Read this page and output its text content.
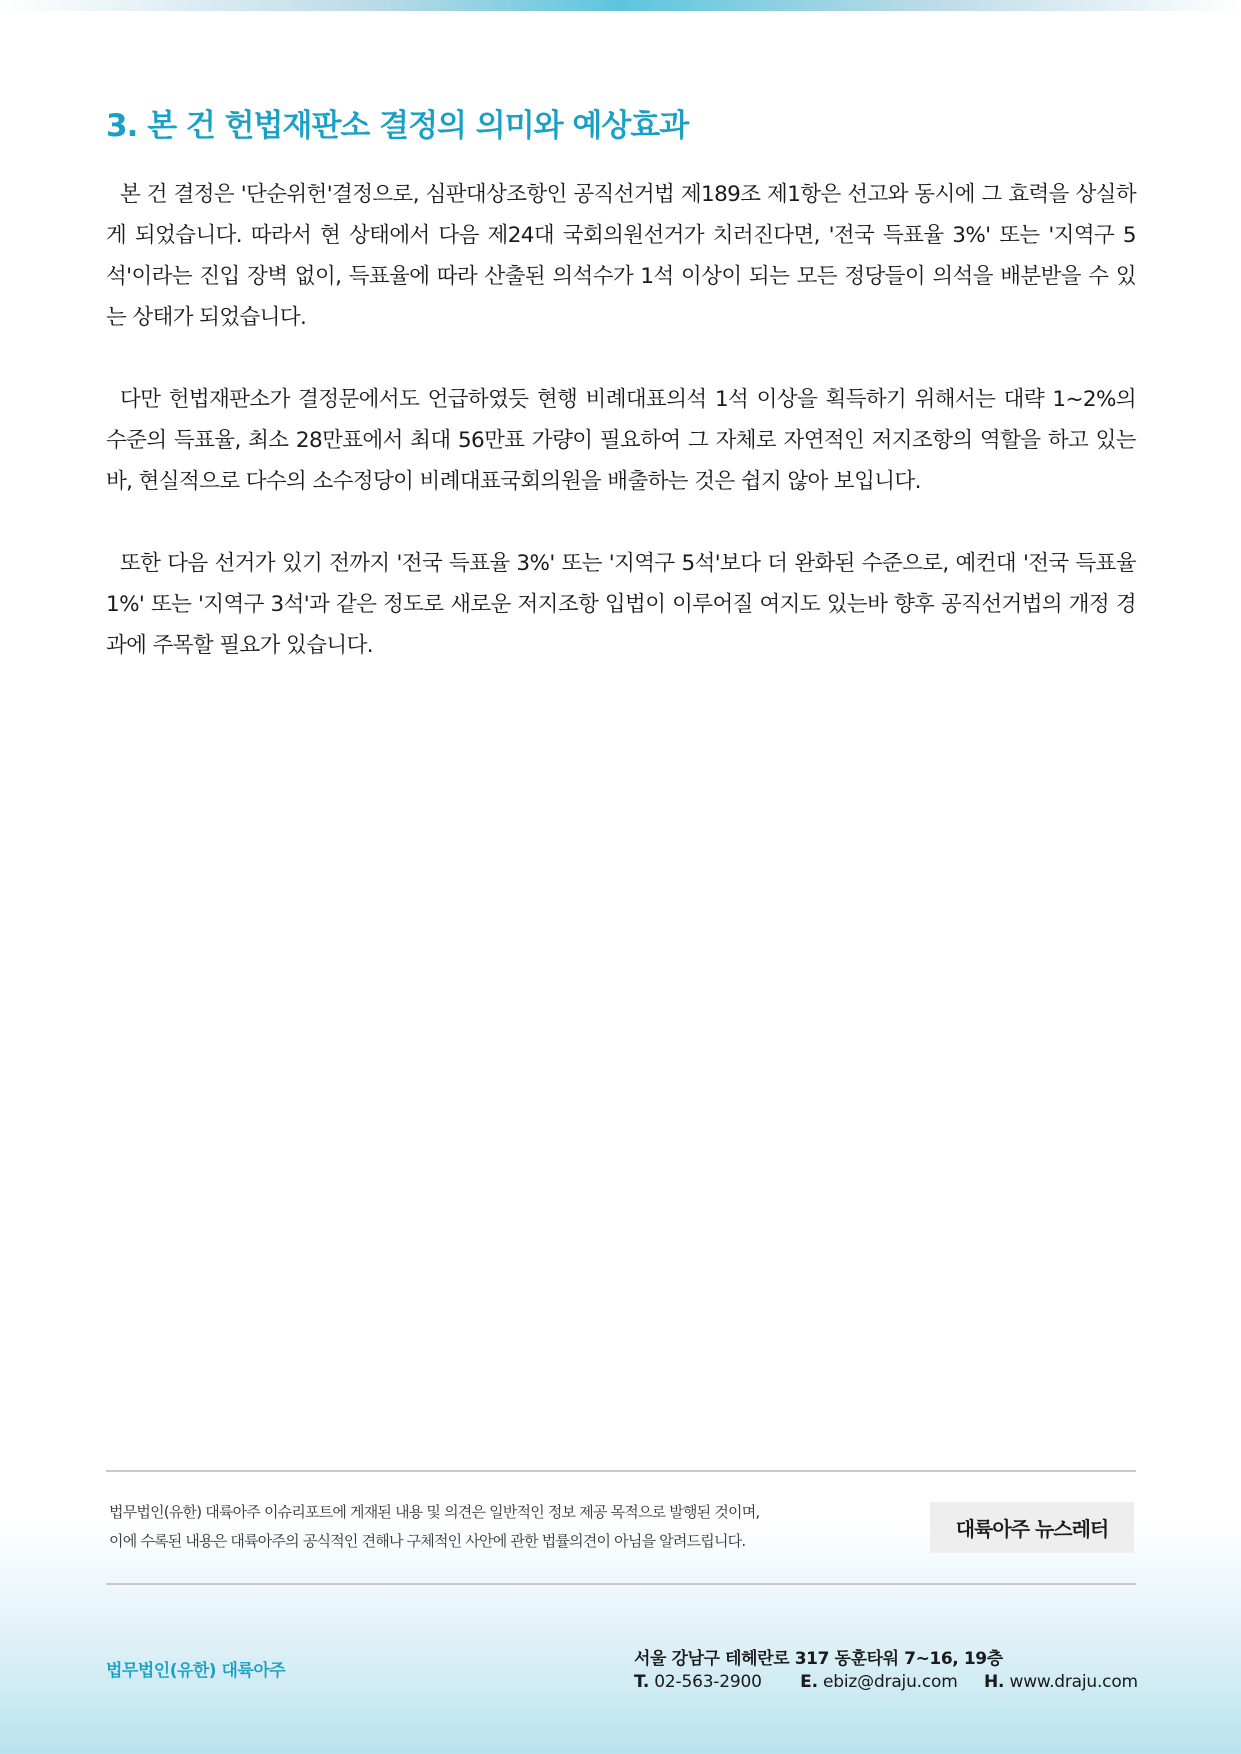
3. 본 건 헌법재판소 결정의 의미와 예상효과

본 건 결정은 '단순위헌'결정으로, 심판대상조항인 공직선거법 제189조 제1항은 선고와 동시에 그 효력을 상실하게 되었습니다. 따라서 현 상태에서 다음 제24대 국회의원선거가 치러진다면, '전국 득표율 3%' 또는 '지역구 5석'이라는 진입 장벽 없이, 득표율에 따라 산출된 의석수가 1석 이상이 되는 모든 정당들이 의석을 배분받을 수 있는 상태가 되었습니다.

다만 헌법재판소가 결정문에서도 언급하였듯 현행 비례대표의석 1석 이상을 획득하기 위해서는 대략 1~2%의 수준의 득표율, 최소 28만표에서 최대 56만표 가량이 필요하여 그 자체로 자연적인 저지조항의 역할을 하고 있는바, 현실적으로 다수의 소수정당이 비례대표국회의원을 배출하는 것은 쉽지 않아 보입니다.

또한 다음 선거가 있기 전까지 '전국 득표율 3%' 또는 '지역구 5석'보다 더 완화된 수준으로, 예컨대 '전국 득표율 1%' 또는 '지역구 3석'과 같은 정도로 새로운 저지조항 입법이 이루어질 여지도 있는바 향후 공직선거법의 개정 경과에 주목할 필요가 있습니다.

법무법인(유한) 대륙아주 이슈리포트에 게재된 내용 및 의견은 일반적인 정보 제공 목적으로 발행된 것이며,
이에 수록된 내용은 대륙아주의 공식적인 견해나 구체적인 사안에 관한 법률의견이 아님을 알려드립니다.	대륙아주 뉴스레터
법무법인(유한) 대륙아주
서울 강남구 테헤란로 317 동훈타워 7~16, 19층
T. 02-563-2900 E. ebiz@draju.com H. www.draju.com
